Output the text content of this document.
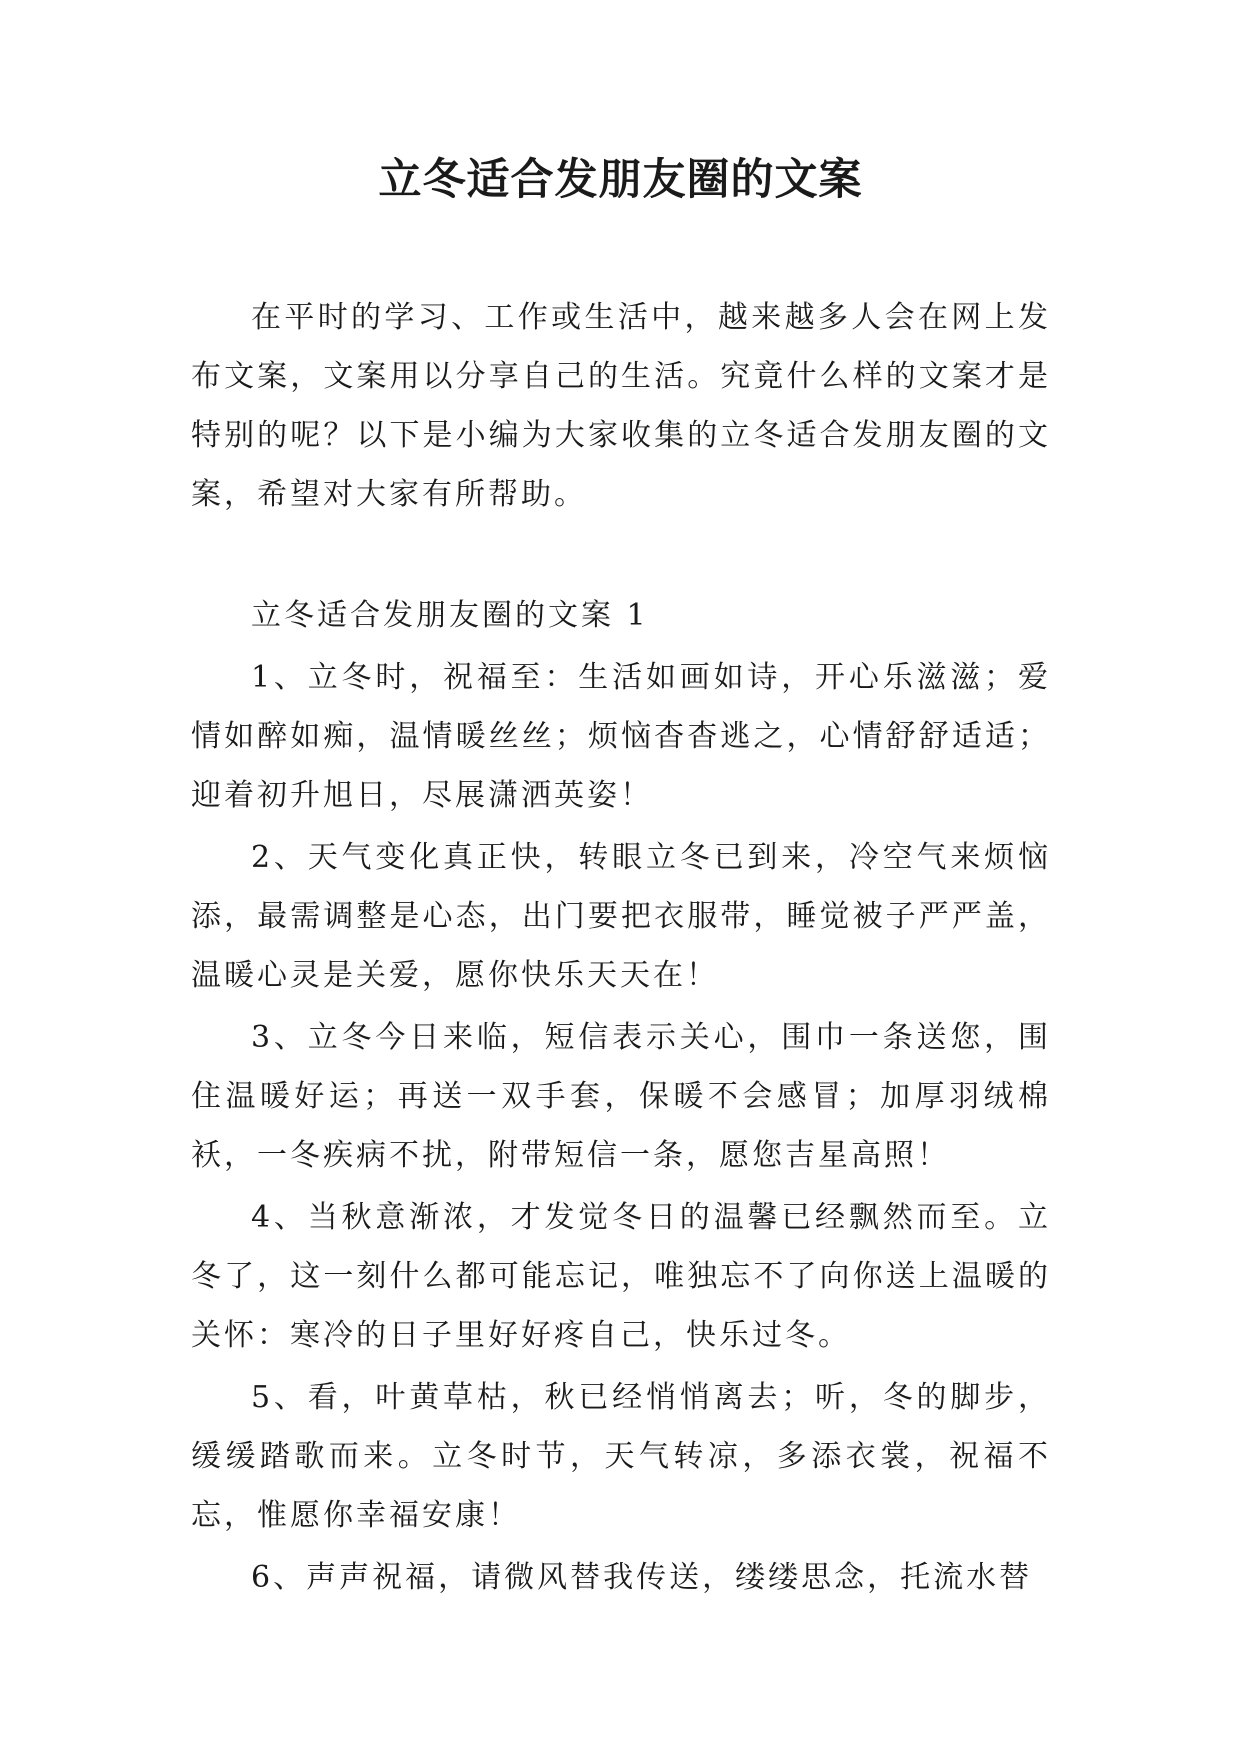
立冬适合发朋友圈的文案

在平时的学习、工作或生活中，越来越多人会在网上发布文案，文案用以分享自己的生活。究竟什么样的文案才是特别的呢？以下是小编为大家收集的立冬适合发朋友圈的文案，希望对大家有所帮助。

立冬适合发朋友圈的文案 1

1、立冬时，祝福至：生活如画如诗，开心乐滋滋；爱情如醉如痴，温情暖丝丝；烦恼杳杳逃之，心情舒舒适适；迎着初升旭日，尽展潇洒英姿！

2、天气变化真正快，转眼立冬已到来，冷空气来烦恼添，最需调整是心态，出门要把衣服带，睡觉被子严严盖，温暖心灵是关爱，愿你快乐天天在！

3、立冬今日来临，短信表示关心，围巾一条送您，围住温暖好运；再送一双手套，保暖不会感冒；加厚羽绒棉袄，一冬疾病不扰，附带短信一条，愿您吉星高照！

4、当秋意渐浓，才发觉冬日的温馨已经飘然而至。立冬了，这一刻什么都可能忘记，唯独忘不了向你送上温暖的关怀：寒冷的日子里好好疼自己，快乐过冬。

5、看，叶黄草枯，秋已经悄悄离去；听，冬的脚步，缓缓踏歌而来。立冬时节，天气转凉，多添衣裳，祝福不忘，惟愿你幸福安康！

6、声声祝福，请微风替我传送，缕缕思念，托流水替
